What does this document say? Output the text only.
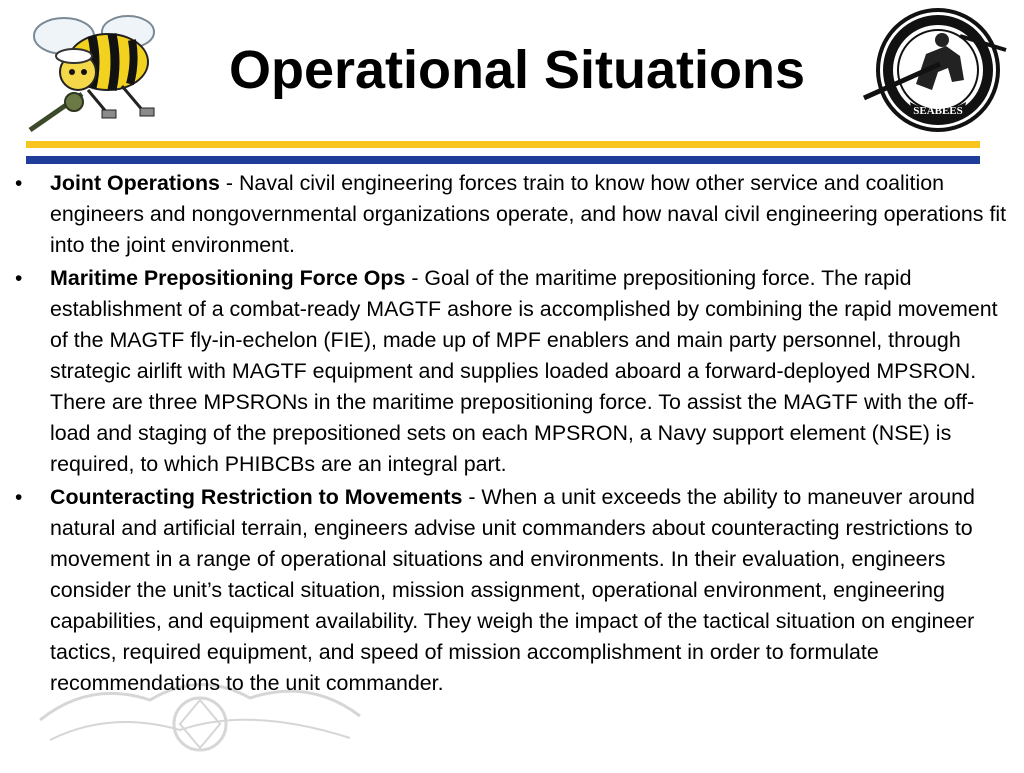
Operational Situations
SEABEES
• Joint Operations - Naval civil engineering forces train to know how other service and coalition engineers and nongovernmental organizations operate, and how naval civil engineering operations fit into the joint environment.
• Maritime Prepositioning Force Ops - Goal of the maritime prepositioning force. The rapid establishment of a combat-ready MAGTF ashore is accomplished by combining the rapid movement of the MAGTF fly-in-echelon (FIE), made up of MPF enablers and main party personnel, through strategic airlift with MAGTF equipment and supplies loaded aboard a forward-deployed MPSRON. There are three MPSRONs in the maritime prepositioning force. To assist the MAGTF with the off-load and staging of the prepositioned sets on each MPSRON, a Navy support element (NSE) is required, to which PHIBCBs are an integral part.
• Counteracting Restriction to Movements - When a unit exceeds the ability to maneuver around natural and artificial terrain, engineers advise unit commanders about counteracting restrictions to movement in a range of operational situations and environments. In their evaluation, engineers consider the unit’s tactical situation, mission assignment, operational environment, engineering capabilities, and equipment availability. They weigh the impact of the tactical situation on engineer tactics, required equipment, and speed of mission accomplishment in order to formulate recommendations to the unit commander.
